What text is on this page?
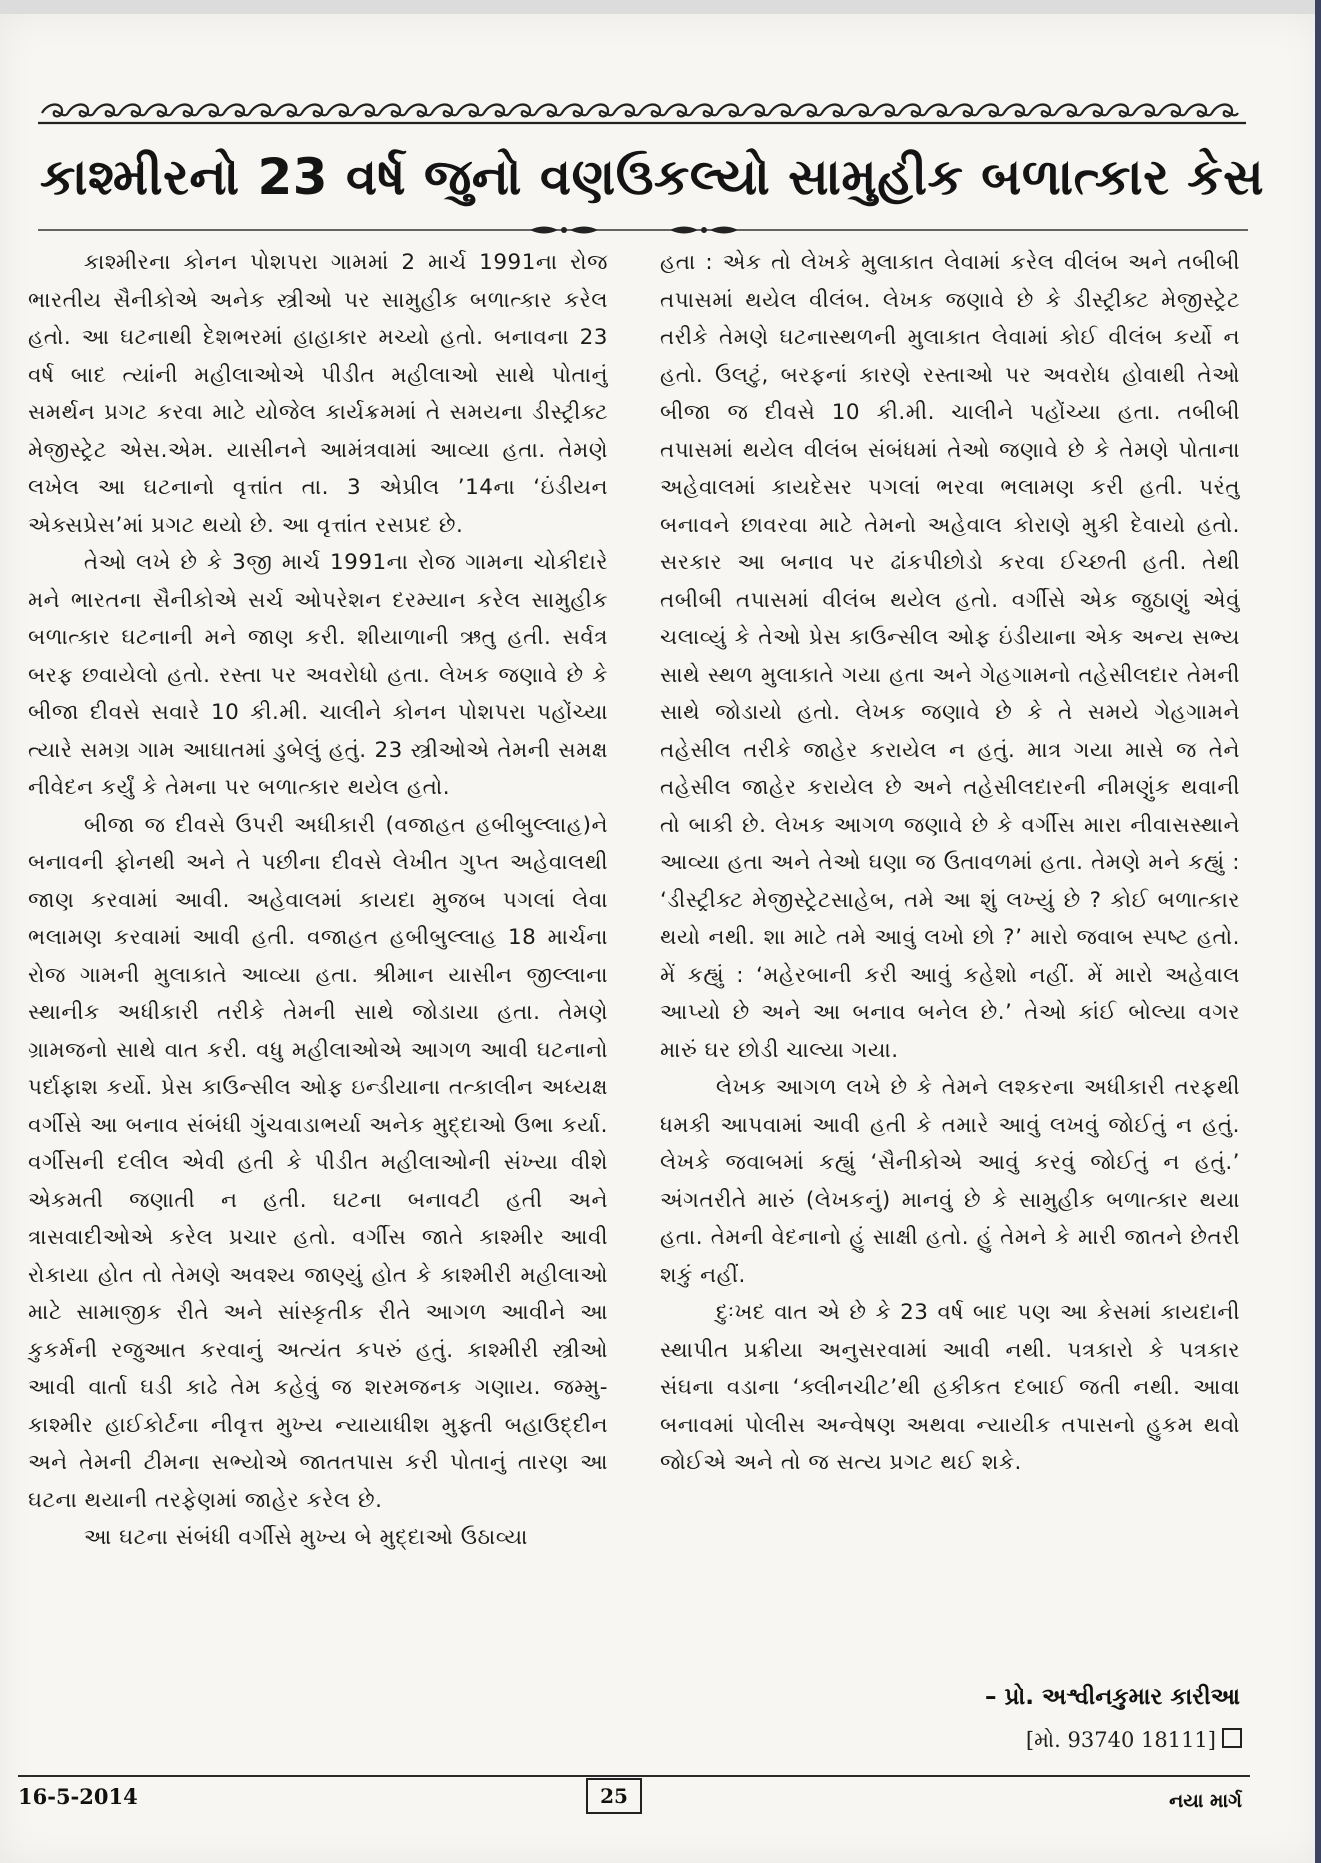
કાશ્મીરનો 23 વર્ષ જુનો વણઉકલ્યો સામુહીક બળાત્કાર કેસ

કાશ્મીરના કોનન પોશપરા ગામમાં 2 માર્ચ 1991ના રોજ ભારતીય સૈનીકોએ અનેક સ્ત્રીઓ પર સામુહીક બળાત્કાર કરેલ હતો. આ ઘટનાથી દેશભરમાં હાહાકાર મચ્યો હતો. બનાવના 23 વર્ષ બાદ ત્યાંની મહીલાઓએ પીડીત મહીલાઓ સાથે પોતાનું સમર્થન પ્રગટ કરવા માટે યોજેલ કાર્યક્રમમાં તે સમયના ડીસ્ટ્રીક્ટ મેજીસ્ટ્રેટ એસ.એમ. યાસીનને આમંત્રવામાં આવ્યા હતા. તેમણે લખેલ આ ઘટનાનો વૃત્તાંત તા. 3 એપ્રીલ ’14ના ‘ઇંડીયન એક્સપ્રેસ’માં પ્રગટ થયો છે. આ વૃત્તાંત રસપ્રદ છે.

તેઓ લખે છે કે 3જી માર્ચ 1991ના રોજ ગામના ચોકીદારે મને ભારતના સૈનીકોએ સર્ચ ઓપરેશન દરમ્યાન કરેલ સામુહીક બળાત્કાર ઘટનાની મને જાણ કરી. શીયાળાની ઋતુ હતી. સર્વત્ર બરફ છવાયેલો હતો. રસ્તા પર અવરોધો હતા. લેખક જણાવે છે કે બીજા દીવસે સવારે 10 કી.મી. ચાલીને કોનન પોશપરા પહોંચ્યા ત્યારે સમગ્ર ગામ આઘાતમાં ડુબેલું હતું. 23 સ્ત્રીઓએ તેમની સમક્ષ નીવેદન કર્યું કે તેમના પર બળાત્કાર થયેલ હતો.

બીજા જ દીવસે ઉપરી અધીકારી (વજાહત હબીબુલ્લાહ)ને બનાવની ફોનથી અને તે પછીના દીવસે લેખીત ગુપ્ત અહેવાલથી જાણ કરવામાં આવી. અહેવાલમાં કાયદા મુજબ પગલાં લેવા ભલામણ કરવામાં આવી હતી. વજાહત હબીબુલ્લાહ 18 માર્ચના રોજ ગામની મુલાકાતે આવ્યા હતા. શ્રીમાન યાસીન જીલ્લાના સ્થાનીક અધીકારી તરીકે તેમની સાથે જોડાયા હતા. તેમણે ગ્રામજનો સાથે વાત કરી. વધુ મહીલાઓએ આગળ આવી ઘટનાનો પર્દાફાશ કર્યો. પ્રેસ કાઉન્સીલ ઓફ ઇન્ડીયાના તત્કાલીન અધ્યક્ષ વર્ગીસે આ બનાવ સંબંધી ગુંચવાડાભર્યા અનેક મુદ્દાઓ ઉભા કર્યા. વર્ગીસની દલીલ એવી હતી કે પીડીત મહીલાઓની સંખ્યા વીશે એકમતી જણાતી ન હતી. ઘટના બનાવટી હતી અને ત્રાસવાદીઓએ કરેલ પ્રચાર હતો. વર્ગીસ જાતે કાશ્મીર આવી રોકાયા હોત તો તેમણે અવશ્ય જાણ્યું હોત કે કાશ્મીરી મહીલાઓ માટે સામાજીક રીતે અને સાંસ્કૃતીક રીતે આગળ આવીને આ કુકર્મની રજુઆત કરવાનું અત્યંત કપરું હતું. કાશ્મીરી સ્ત્રીઓ આવી વાર્તા ઘડી કાઢે તેમ કહેવું જ શરમજનક ગણાય. જમ્મુ-કાશ્મીર હાઈકોર્ટના નીવૃત્ત મુખ્ય ન્યાયાધીશ મુફ્તી બહાઉદ્દીન અને તેમની ટીમના સભ્યોએ જાતતપાસ કરી પોતાનું તારણ આ ઘટના થયાની તરફેણમાં જાહેર કરેલ છે.

આ ઘટના સંબંધી વર્ગીસે મુખ્ય બે મુદ્દાઓ ઉઠાવ્યા

હતા : એક તો લેખકે મુલાકાત લેવામાં કરેલ વીલંબ અને તબીબી તપાસમાં થયેલ વીલંબ. લેખક જણાવે છે કે ડીસ્ટ્રીક્ટ મેજીસ્ટ્રેટ તરીકે તેમણે ઘટનાસ્થળની મુલાકાત લેવામાં કોઈ વીલંબ કર્યો ન હતો. ઉલટું, બરફનાં કારણે રસ્તાઓ પર અવરોધ હોવાથી તેઓ બીજા જ દીવસે 10 કી.મી. ચાલીને પહોંચ્યા હતા. તબીબી તપાસમાં થયેલ વીલંબ સંબંધમાં તેઓ જણાવે છે કે તેમણે પોતાના અહેવાલમાં કાયદેસર પગલાં ભરવા ભલામણ કરી હતી. પરંતુ બનાવને છાવરવા માટે તેમનો અહેવાલ કોરાણે મુકી દેવાયો હતો. સરકાર આ બનાવ પર ઢાંકપીછોડો કરવા ઈચ્છતી હતી. તેથી તબીબી તપાસમાં વીલંબ થયેલ હતો. વર્ગીસે એક જુઠાણું એવું ચલાવ્યું કે તેઓ પ્રેસ કાઉન્સીલ ઓફ ઇંડીયાના એક અન્ય સભ્ય સાથે સ્થળ મુલાકાતે ગયા હતા અને ગેહગામનો તહેસીલદાર તેમની સાથે જોડાયો હતો. લેખક જણાવે છે કે તે સમયે ગેહગામને તહેસીલ તરીકે જાહેર કરાયેલ ન હતું. માત્ર ગયા માસે જ તેને તહેસીલ જાહેર કરાયેલ છે અને તહેસીલદારની નીમણુંક થવાની તો બાકી છે. લેખક આગળ જણાવે છે કે વર્ગીસ મારા નીવાસસ્થાને આવ્યા હતા અને તેઓ ઘણા જ ઉતાવળમાં હતા. તેમણે મને કહ્યું : ‘ડીસ્ટ્રીક્ટ મેજીસ્ટ્રેટસાહેબ, તમે આ શું લખ્યું છે ? કોઈ બળાત્કાર થયો નથી. શા માટે તમે આવું લખો છો ?’ મારો જવાબ સ્પષ્ટ હતો. મેં કહ્યું : ‘મહેરબાની કરી આવું કહેશો નહીં. મેં મારો અહેવાલ આપ્યો છે અને આ બનાવ બનેલ છે.’ તેઓ કાંઈ બોલ્યા વગર મારું ઘર છોડી ચાલ્યા ગયા.

લેખક આગળ લખે છે કે તેમને લશ્કરના અધીકારી તરફથી ધમકી આપવામાં આવી હતી કે તમારે આવું લખવું જોઈતું ન હતું. લેખકે જવાબમાં કહ્યું ‘સૈનીકોએ આવું કરવું જોઈતું ન હતું.’ અંગતરીતે મારું (લેખકનું) માનવું છે કે સામુહીક બળાત્કાર થયા હતા. તેમની વેદનાનો હું સાક્ષી હતો. હું તેમને કે મારી જાતને છેતરી શકું નહીં.

દુઃખદ વાત એ છે કે 23 વર્ષ બાદ પણ આ કેસમાં કાયદાની સ્થાપીત પ્રક્રીયા અનુસરવામાં આવી નથી. પત્રકારો કે પત્રકાર સંઘના વડાના ‘ક્લીનચીટ’થી હકીકત દબાઈ જતી નથી. આવા બનાવમાં પોલીસ અન્વેષણ અથવા ન્યાયીક તપાસનો હુકમ થવો જોઈએ અને તો જ સત્ય પ્રગટ થઈ શકે.

– પ્રો. અશ્વીનકુમાર કારીઆ
[મો. 93740 18111]
16-5-2014	25	નયા માર્ગ
